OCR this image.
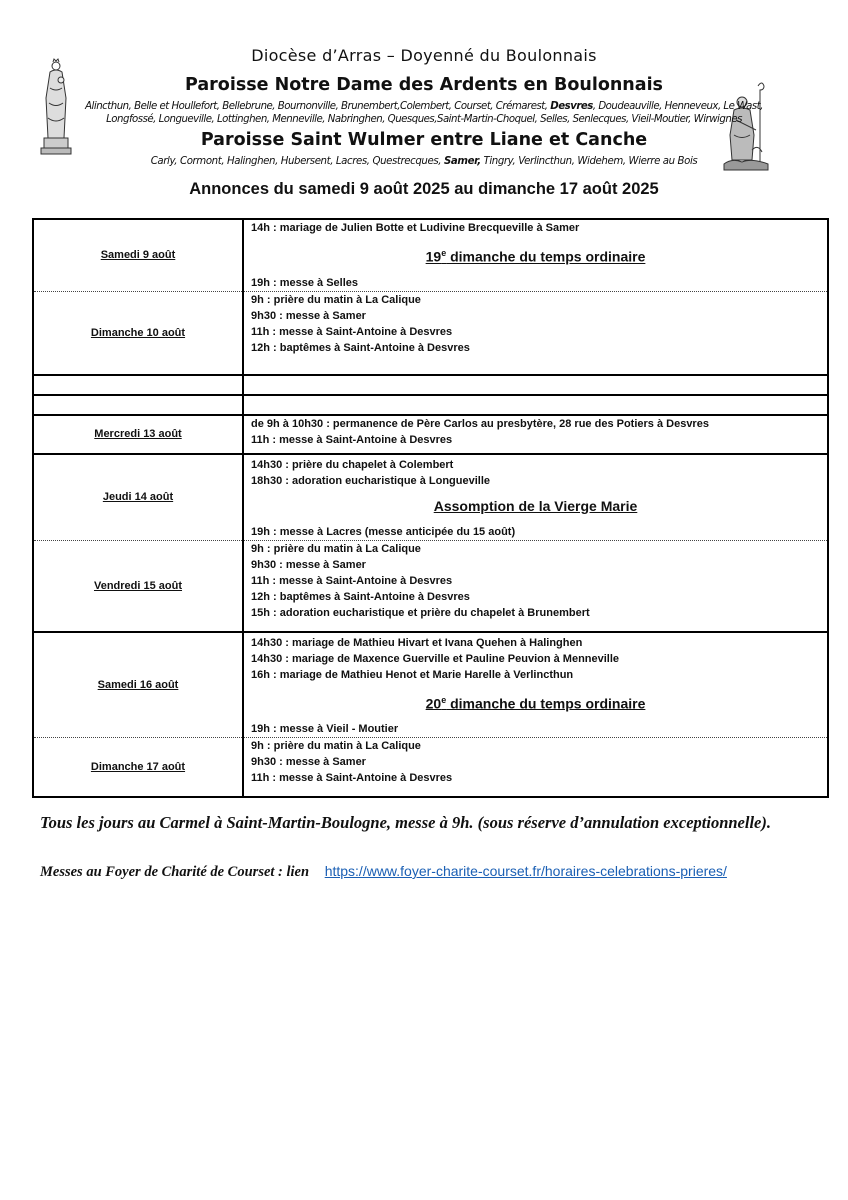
Diocèse d’Arras – Doyenné du Boulonnais
Paroisse Notre Dame des Ardents en Boulonnais
Alincthun, Belle et Houllefort, Bellebrune, Bournonville, Brunembert,Colembert, Courset, Crémarest, Desvres, Doudeauville, Henneveux, Le Wast,
Longfossé, Longueville, Lottinghen, Menneville, Nabringhen, Quesques,Saint-Martin-Choquel, Selles, Senlecques, Vieil-Moutier, Wirwignes
Paroisse Saint Wulmer entre Liane et Canche
Carly, Cormont, Halinghen, Hubersent, Lacres, Questrecques, Samer, Tingry, Verlincthun, Widehem, Wierre au Bois
Annonces du samedi 9 août 2025 au dimanche 17 août 2025
Samedi 9 août	14h : mariage de Julien Botte et Ludivine Brecqueville à Samer
19e dimanche du temps ordinaire
19h : messe à Selles

Dimanche 10 août	9h : prière du matin à La Calique
9h30 : messe à Samer
11h : messe à Saint-Antoine à Desvres
12h : baptêmes à Saint-Antoine à Desvres

Mercredi 13 août	de 9h à 10h30 : permanence de Père Carlos au presbytère, 28 rue des Potiers à Desvres
11h : messe à Saint-Antoine à Desvres

Jeudi 14 août	14h30 : prière du chapelet à Colembert
18h30 : adoration eucharistique à Longueville
Assomption de la Vierge Marie
19h : messe à Lacres (messe anticipée du 15 août)

Vendredi 15 août	9h : prière du matin à La Calique
9h30 : messe à Samer
11h : messe à Saint-Antoine à Desvres
12h : baptêmes à Saint-Antoine à Desvres
15h : adoration eucharistique et prière du chapelet à Brunembert

Samedi 16 août	14h30 : mariage de Mathieu Hivart et Ivana Quehen à Halinghen
14h30 : mariage de Maxence Guerville et Pauline Peuvion à Menneville
16h : mariage de Mathieu Henot et Marie Harelle à Verlincthun
20e dimanche du temps ordinaire
19h : messe à Vieil - Moutier

Dimanche 17 août	9h : prière du matin à La Calique
9h30 : messe à Samer
11h : messe à Saint-Antoine à Desvres
Tous les jours au Carmel à Saint-Martin-Boulogne, messe à 9h. (sous réserve d’annulation exceptionnelle).
Messes au Foyer de Charité de Courset : lien https://www.foyer-charite-courset.fr/horaires-celebrations-prieres/
